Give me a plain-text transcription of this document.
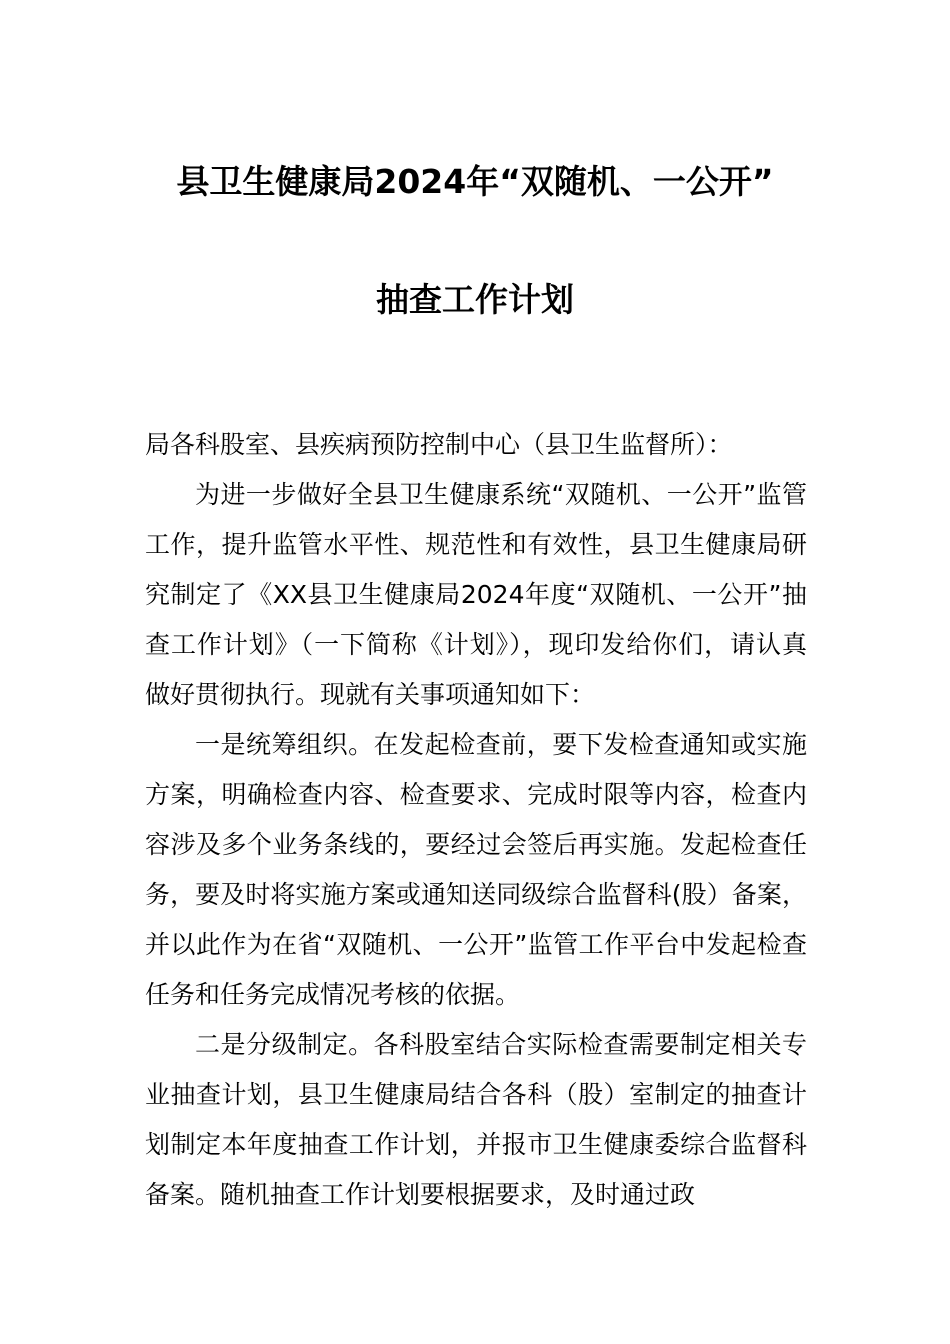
县卫生健康局2024年“双随机、一公开”
抽查工作计划

局各科股室、县疾病预防控制中心（县卫生监督所）：

为进一步做好全县卫生健康系统“双随机、一公开”监管工作，提升监管水平性、规范性和有效性，县卫生健康局研究制定了《XX县卫生健康局2024年度“双随机、一公开”抽查工作计划》（一下简称《计划》），现印发给你们，请认真做好贯彻执行。现就有关事项通知如下：

一是统筹组织。在发起检查前，要下发检查通知或实施方案，明确检查内容、检查要求、完成时限等内容，检查内容涉及多个业务条线的，要经过会签后再实施。发起检查任务，要及时将实施方案或通知送同级综合监督科(股）备案，并以此作为在省“双随机、一公开”监管工作平台中发起检查任务和任务完成情况考核的依据。

二是分级制定。各科股室结合实际检查需要制定相关专业抽查计划，县卫生健康局结合各科（股）室制定的抽查计划制定本年度抽查工作计划，并报市卫生健康委综合监督科备案。随机抽查工作计划要根据要求，及时通过政
